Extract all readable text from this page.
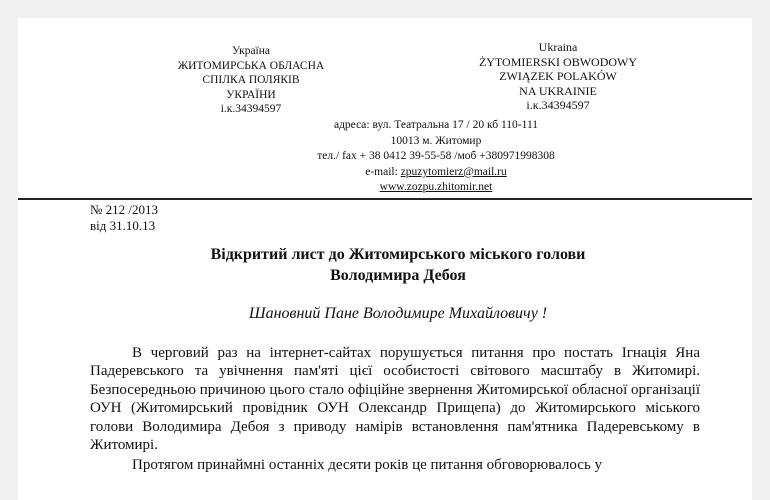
Україна
ЖИТОМИРСЬКА ОБЛАСНА
СПІЛКА ПОЛЯКІВ
УКРАЇНИ
і.к.34394597
Ukraina
ŻYTOMIERSKI OBWODOWY
ZWIĄZEK POLAKÓW
NA UKRAINIE
і.к.34394597
адреса: вул. Театральна 17 / 20 кб 110-111
10013 м. Житомир
тел./ fax + 38 0412 39-55-58 /моб +380971998308
e-mail: zpuzytomierz@mail.ru
www.zozpu.zhitomir.net
№ 212 /2013
від 31.10.13
Відкритий лист до Житомирського міського голови
Володимира Дебоя
Шановний Пане Володимире Михайловичу !

В черговий раз на інтернет-сайтах порушується питання про постать Ігнація Яна Падеревського та увічнення пам'яті цієї особистості світового масштабу в Житомирі. Безпосередньою причиною цього стало офіційне звернення Житомирської обласної організації ОУН (Житомирський провідник ОУН Олександр Прищепа) до Житомирського міського голови Володимира Дебоя з приводу намірів встановлення пам'ятника Падеревському в Житомирі.

Протягом принаймні останніх десяти років це питання обговорювалось у
